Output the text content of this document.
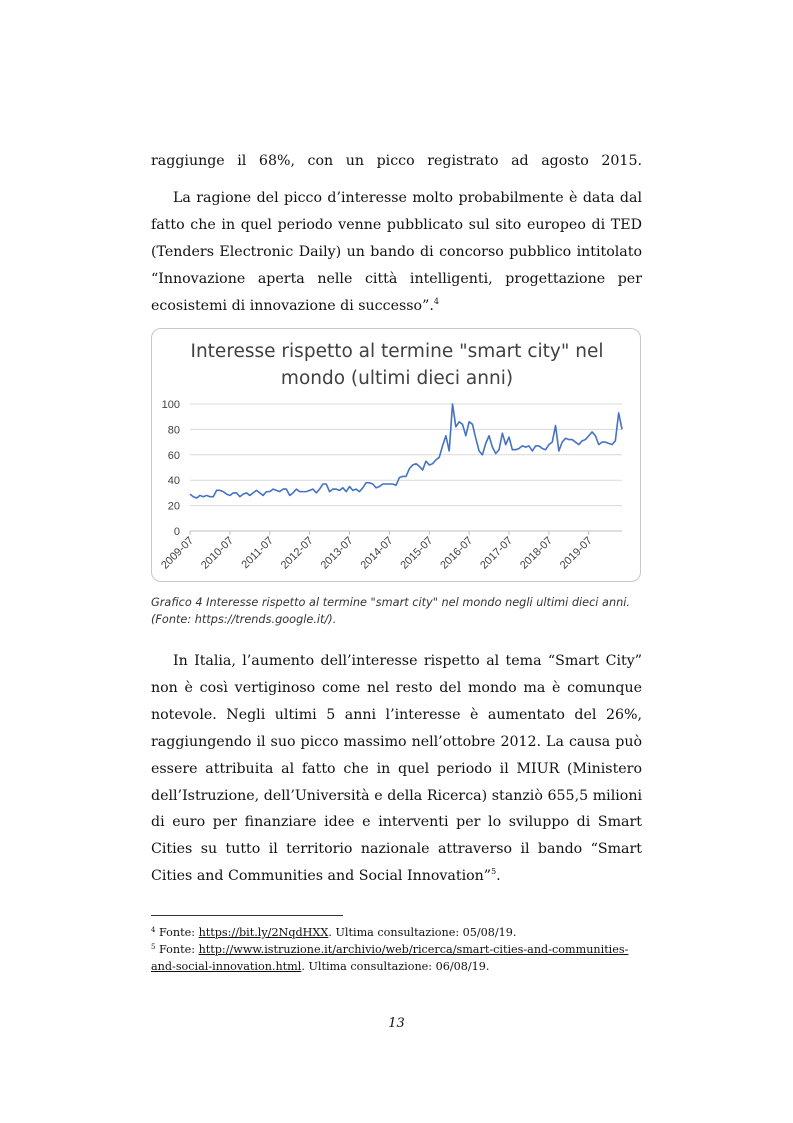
raggiunge il 68%, con un picco registrato ad agosto 2015.

La ragione del picco d’interesse molto probabilmente è data dal fatto che in quel periodo venne pubblicato sul sito europeo di TED (Tenders Electronic Daily) un bando di concorso pubblico intitolato “Innovazione aperta nelle città intelligenti, progettazione per ecosistemi di innovazione di successo”.$^4$

Interesse rispetto al termine "smart city" nel
mondo (ultimi dieci anni)
0
20
40
60
80
100
2009-07 2010-07 2011-07 2012-07 2013-07 2014-07 2015-07 2016-07 2017-07 2018-07 2019-07

Grafico 4 Interesse rispetto al termine "smart city" nel mondo negli ultimi dieci anni.

(Fonte: https://trends.google.it/).

In Italia, l’aumento dell’interesse rispetto al tema “Smart City” non è così vertiginoso come nel resto del mondo ma è comunque notevole. Negli ultimi 5 anni l’interesse è aumentato del 26%, raggiungendo il suo picco massimo nell’ottobre 2012. La causa può essere attribuita al fatto che in quel periodo il MIUR (Ministero dell’Istruzione, dell’Università e della Ricerca) stanziò 655,5 milioni di euro per finanziare idee e interventi per lo sviluppo di Smart Cities su tutto il territorio nazionale attraverso il bando “Smart Cities and Communities and Social Innovation”$^5$.

$^4$ Fonte: https://bit.ly/2NqdHXX. Ultima consultazione: 05/08/19.

$^5$ Fonte: http://www.istruzione.it/archivio/web/ricerca/smart-cities-and-communities-and-social-innovation.html. Ultima consultazione: 06/08/19.

13
